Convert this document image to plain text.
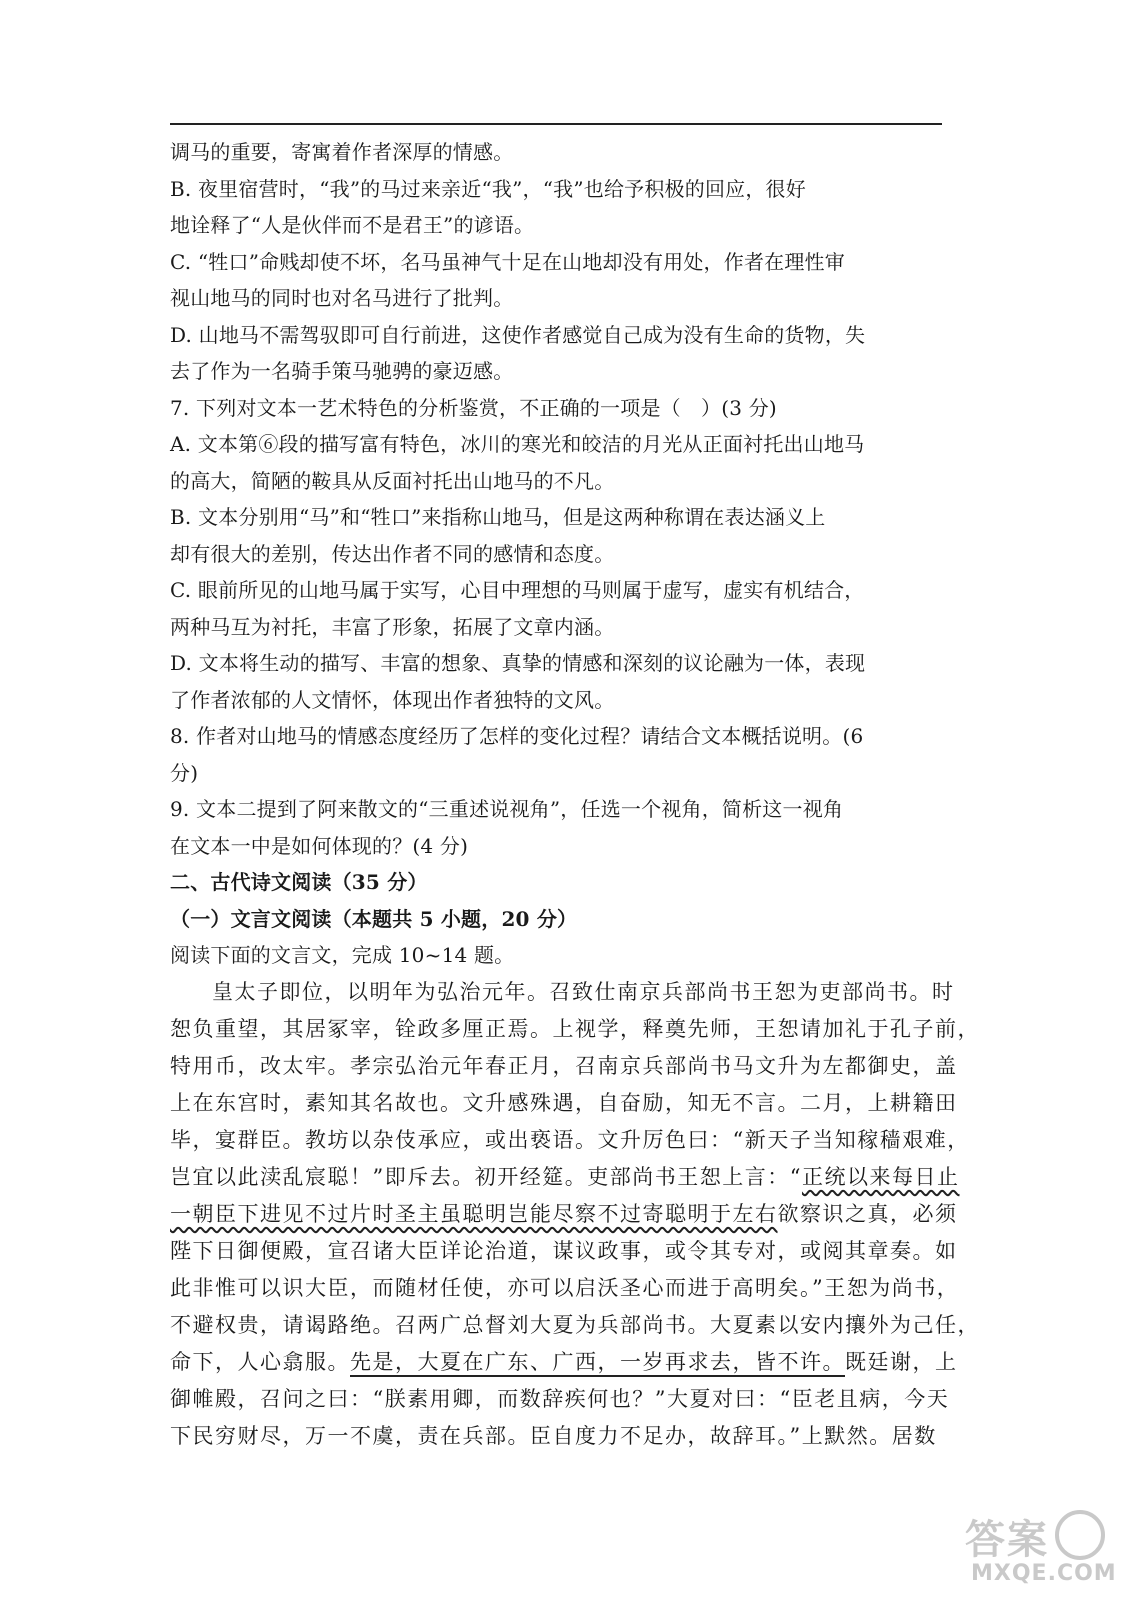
调马的重要，寄寓着作者深厚的情感。
B. 夜里宿营时，“我”的马过来亲近“我”，“我”也给予积极的回应，很好
地诠释了“人是伙伴而不是君王”的谚语。
C. “牲口”命贱却使不坏，名马虽神气十足在山地却没有用处，作者在理性审
视山地马的同时也对名马进行了批判。
D. 山地马不需驾驭即可自行前进，这使作者感觉自己成为没有生命的货物，失
去了作为一名骑手策马驰骋的豪迈感。
7. 下列对文本一艺术特色的分析鉴赏，不正确的一项是（　）(3 分)
A. 文本第⑥段的描写富有特色，冰川的寒光和皎洁的月光从正面衬托出山地马
的高大，简陋的鞍具从反面衬托出山地马的不凡。
B. 文本分别用“马”和“牲口”来指称山地马，但是这两种称谓在表达涵义上
却有很大的差别，传达出作者不同的感情和态度。
C. 眼前所见的山地马属于实写，心目中理想的马则属于虚写，虚实有机结合，
两种马互为衬托，丰富了形象，拓展了文章内涵。
D. 文本将生动的描写、丰富的想象、真挚的情感和深刻的议论融为一体，表现
了作者浓郁的人文情怀，体现出作者独特的文风。
8. 作者对山地马的情感态度经历了怎样的变化过程？请结合文本概括说明。(6
分)
9. 文本二提到了阿来散文的“三重述说视角”，任选一个视角，简析这一视角
在文本一中是如何体现的？(4 分)
二、古代诗文阅读（35 分）
（一）文言文阅读（本题共 5 小题，20 分）
阅读下面的文言文，完成 10~14 题。
皇太子即位，以明年为弘治元年。召致仕南京兵部尚书王恕为吏部尚书。时
恕负重望，其居冢宰，铨政多厘正焉。上视学，释奠先师，王恕请加礼于孔子前，
特用币，改太牢。孝宗弘治元年春正月，召南京兵部尚书马文升为左都御史，盖
上在东宫时，素知其名故也。文升感殊遇，自奋励，知无不言。二月，上耕籍田
毕，宴群臣。教坊以杂伎承应，或出亵语。文升厉色曰：“新天子当知稼穑艰难，
岂宜以此渎乱宸聪！”即斥去。初开经筵。吏部尚书王恕上言：“正统以来每日止
一朝臣下进见不过片时圣主虽聪明岂能尽察不过寄聪明于左右欲察识之真，必须
陛下日御便殿，宣召诸大臣详论治道，谋议政事，或令其专对，或阅其章奏。如
此非惟可以识大臣，而随材任使，亦可以启沃圣心而进于高明矣。”王恕为尚书，
不避权贵，请谒路绝。召两广总督刘大夏为兵部尚书。大夏素以安内攘外为己任，
命下，人心翕服。先是，大夏在广东、广西，一岁再求去，皆不许。既廷谢，上
御帷殿，召问之曰：“朕素用卿，而数辞疾何也？”大夏对曰：“臣老且病，今天
下民穷财尽，万一不虞，责在兵部。臣自度力不足办，故辞耳。”上默然。居数
答案
MXQE.COM
